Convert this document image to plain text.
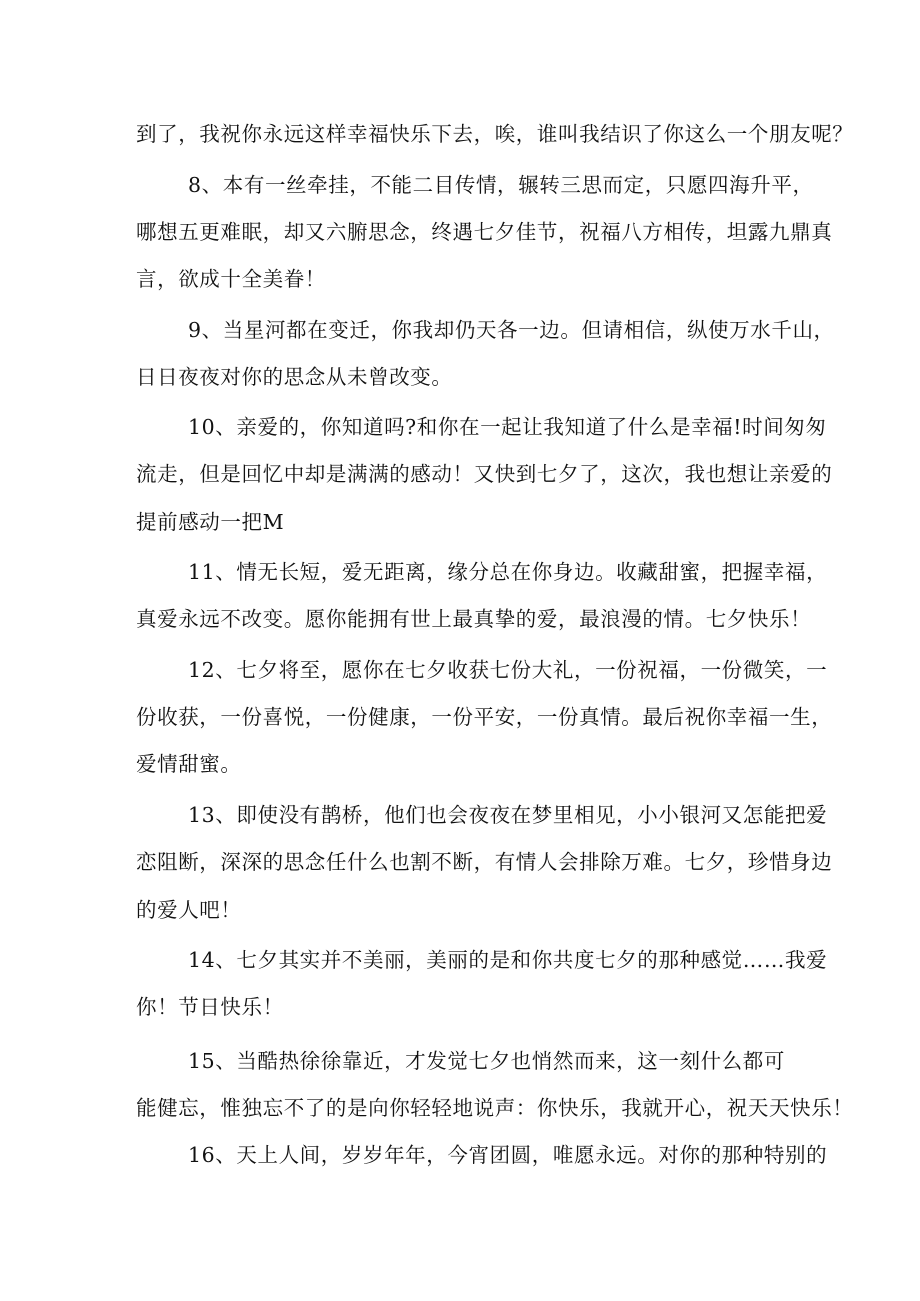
到了，我祝你永远这样幸福快乐下去，唉，谁叫我结识了你这么一个朋友呢？
8、本有一丝牵挂，不能二目传情，辗转三思而定，只愿四海升平，
哪想五更难眠，却又六腑思念，终遇七夕佳节，祝福八方相传，坦露九鼎真
言，欲成十全美眷！
9、当星河都在变迁，你我却仍天各一边。但请相信，纵使万水千山，
日日夜夜对你的思念从未曾改变。
10、亲爱的，你知道吗?和你在一起让我知道了什么是幸福!时间匆匆
流走，但是回忆中却是满满的感动！又快到七夕了，这次，我也想让亲爱的
提前感动一把M
11、情无长短，爱无距离，缘分总在你身边。收藏甜蜜，把握幸福，
真爱永远不改变。愿你能拥有世上最真挚的爱，最浪漫的情。七夕快乐！
12、七夕将至，愿你在七夕收获七份大礼，一份祝福，一份微笑，一
份收获，一份喜悦，一份健康，一份平安，一份真情。最后祝你幸福一生，
爱情甜蜜。
13、即使没有鹊桥，他们也会夜夜在梦里相见，小小银河又怎能把爱
恋阻断，深深的思念任什么也割不断，有情人会排除万难。七夕，珍惜身边
的爱人吧！
14、七夕其实并不美丽，美丽的是和你共度七夕的那种感觉……我爱
你！节日快乐！
15、当酷热徐徐靠近，才发觉七夕也悄然而来，这一刻什么都可
能健忘，惟独忘不了的是向你轻轻地说声：你快乐，我就开心，祝天天快乐！
16、天上人间，岁岁年年，今宵团圆，唯愿永远。对你的那种特别的
